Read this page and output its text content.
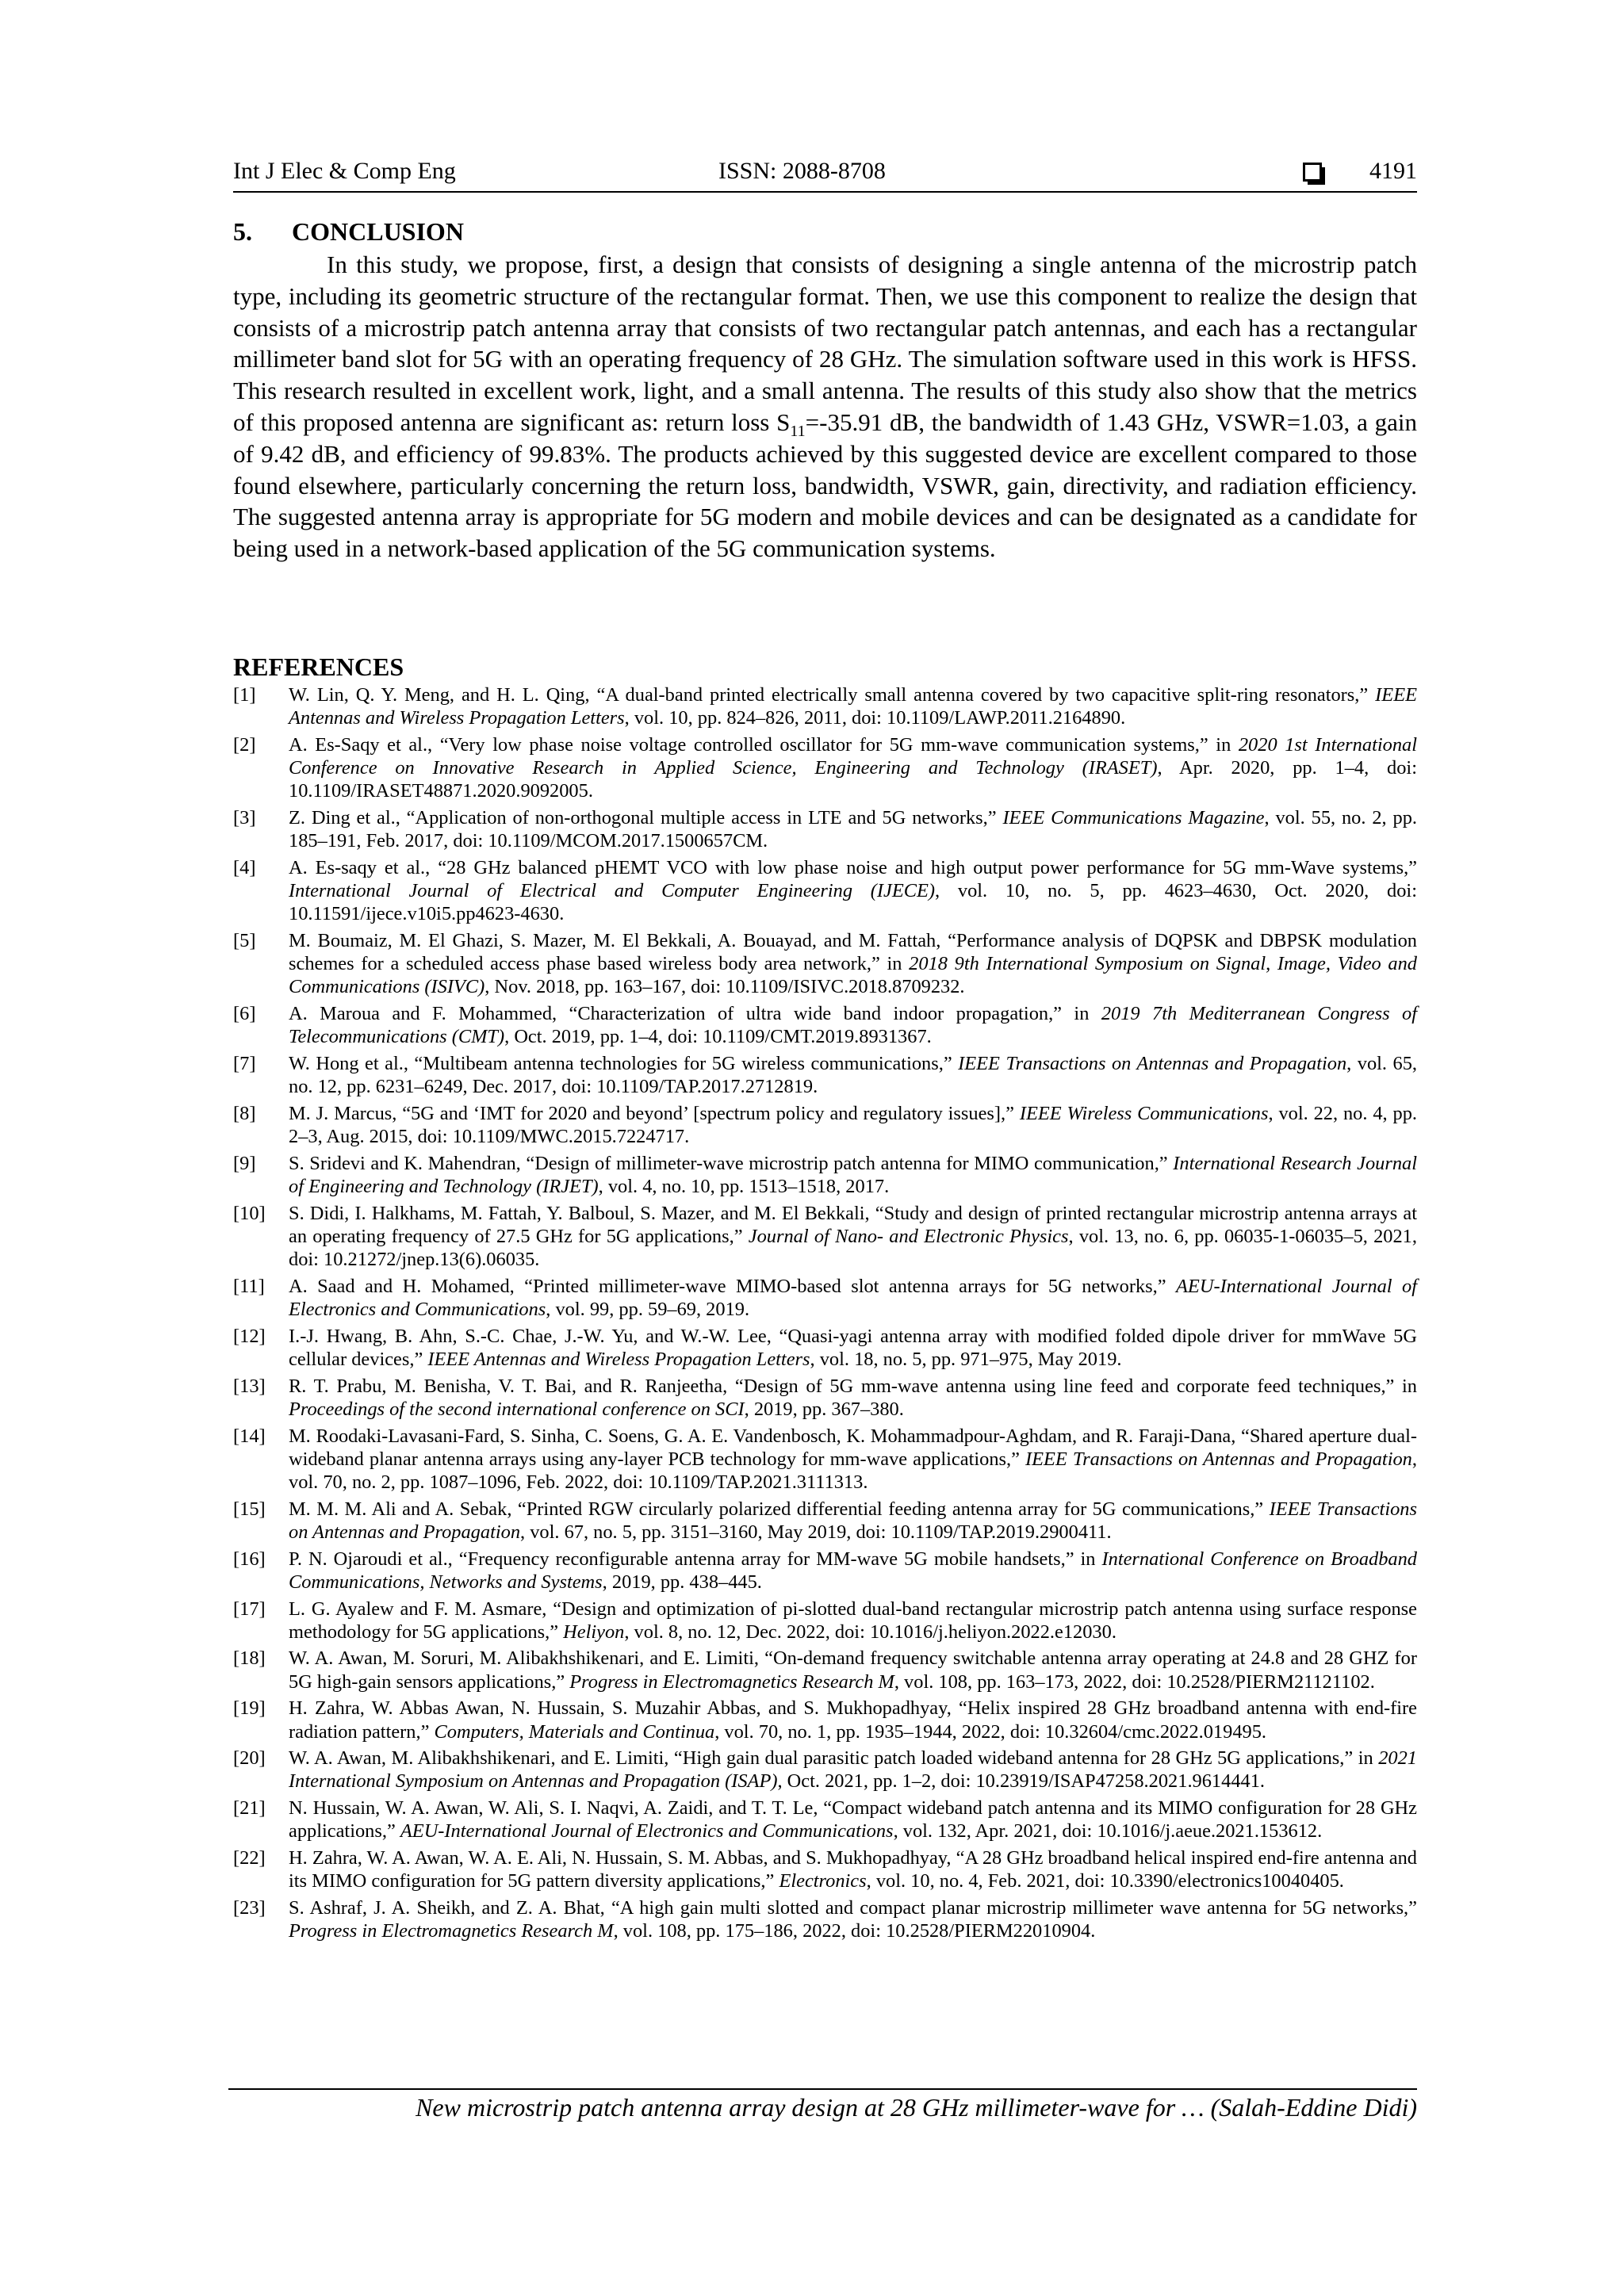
Int J Elec & Comp Eng	ISSN: 2088-8708	4191

5. CONCLUSION

In this study, we propose, first, a design that consists of designing a single antenna of the microstrip patch type, including its geometric structure of the rectangular format. Then, we use this component to realize the design that consists of a microstrip patch antenna array that consists of two rectangular patch antennas, and each has a rectangular millimeter band slot for 5G with an operating frequency of 28 GHz. The simulation software used in this work is HFSS. This research resulted in excellent work, light, and a small antenna. The results of this study also show that the metrics of this proposed antenna are significant as: return loss $S_{11}=-35.91$ dB, the bandwidth of 1.43 GHz, VSWR=1.03, a gain of 9.42 dB, and efficiency of 99.83%. The products achieved by this suggested device are excellent compared to those found elsewhere, particularly concerning the return loss, bandwidth, VSWR, gain, directivity, and radiation efficiency. The suggested antenna array is appropriate for 5G modern and mobile devices and can be designated as a candidate for being used in a network-based application of the 5G communication systems.

REFERENCES

[1] W. Lin, Q. Y. Meng, and H. L. Qing, “A dual-band printed electrically small antenna covered by two capacitive split-ring resonators,” IEEE Antennas and Wireless Propagation Letters, vol. 10, pp. 824–826, 2011, doi: 10.1109/LAWP.2011.2164890.

[2] A. Es-Saqy et al., “Very low phase noise voltage controlled oscillator for 5G mm-wave communication systems,” in 2020 1st International Conference on Innovative Research in Applied Science, Engineering and Technology (IRASET), Apr. 2020, pp. 1–4, doi: 10.1109/IRASET48871.2020.9092005.

[3] Z. Ding et al., “Application of non-orthogonal multiple access in LTE and 5G networks,” IEEE Communications Magazine, vol. 55, no. 2, pp. 185–191, Feb. 2017, doi: 10.1109/MCOM.2017.1500657CM.

[4] A. Es-saqy et al., “28 GHz balanced pHEMT VCO with low phase noise and high output power performance for 5G mm-Wave systems,” International Journal of Electrical and Computer Engineering (IJECE), vol. 10, no. 5, pp. 4623–4630, Oct. 2020, doi: 10.11591/ijece.v10i5.pp4623-4630.

[5] M. Boumaiz, M. El Ghazi, S. Mazer, M. El Bekkali, A. Bouayad, and M. Fattah, “Performance analysis of DQPSK and DBPSK modulation schemes for a scheduled access phase based wireless body area network,” in 2018 9th International Symposium on Signal, Image, Video and Communications (ISIVC), Nov. 2018, pp. 163–167, doi: 10.1109/ISIVC.2018.8709232.

[6] A. Maroua and F. Mohammed, “Characterization of ultra wide band indoor propagation,” in 2019 7th Mediterranean Congress of Telecommunications (CMT), Oct. 2019, pp. 1–4, doi: 10.1109/CMT.2019.8931367.

[7] W. Hong et al., “Multibeam antenna technologies for 5G wireless communications,” IEEE Transactions on Antennas and Propagation, vol. 65, no. 12, pp. 6231–6249, Dec. 2017, doi: 10.1109/TAP.2017.2712819.

[8] M. J. Marcus, “5G and ‘IMT for 2020 and beyond’ [spectrum policy and regulatory issues],” IEEE Wireless Communications, vol. 22, no. 4, pp. 2–3, Aug. 2015, doi: 10.1109/MWC.2015.7224717.

[9] S. Sridevi and K. Mahendran, “Design of millimeter-wave microstrip patch antenna for MIMO communication,” International Research Journal of Engineering and Technology (IRJET), vol. 4, no. 10, pp. 1513–1518, 2017.

[10] S. Didi, I. Halkhams, M. Fattah, Y. Balboul, S. Mazer, and M. El Bekkali, “Study and design of printed rectangular microstrip antenna arrays at an operating frequency of 27.5 GHz for 5G applications,” Journal of Nano- and Electronic Physics, vol. 13, no. 6, pp. 06035-1-06035–5, 2021, doi: 10.21272/jnep.13(6).06035.

[11] A. Saad and H. Mohamed, “Printed millimeter-wave MIMO-based slot antenna arrays for 5G networks,” AEU-International Journal of Electronics and Communications, vol. 99, pp. 59–69, 2019.

[12] I.-J. Hwang, B. Ahn, S.-C. Chae, J.-W. Yu, and W.-W. Lee, “Quasi-yagi antenna array with modified folded dipole driver for mmWave 5G cellular devices,” IEEE Antennas and Wireless Propagation Letters, vol. 18, no. 5, pp. 971–975, May 2019.

[13] R. T. Prabu, M. Benisha, V. T. Bai, and R. Ranjeetha, “Design of 5G mm-wave antenna using line feed and corporate feed techniques,” in Proceedings of the second international conference on SCI, 2019, pp. 367–380.

[14] M. Roodaki-Lavasani-Fard, S. Sinha, C. Soens, G. A. E. Vandenbosch, K. Mohammadpour-Aghdam, and R. Faraji-Dana, “Shared aperture dual-wideband planar antenna arrays using any-layer PCB technology for mm-wave applications,” IEEE Transactions on Antennas and Propagation, vol. 70, no. 2, pp. 1087–1096, Feb. 2022, doi: 10.1109/TAP.2021.3111313.

[15] M. M. M. Ali and A. Sebak, “Printed RGW circularly polarized differential feeding antenna array for 5G communications,” IEEE Transactions on Antennas and Propagation, vol. 67, no. 5, pp. 3151–3160, May 2019, doi: 10.1109/TAP.2019.2900411.

[16] P. N. Ojaroudi et al., “Frequency reconfigurable antenna array for MM-wave 5G mobile handsets,” in International Conference on Broadband Communications, Networks and Systems, 2019, pp. 438–445.

[17] L. G. Ayalew and F. M. Asmare, “Design and optimization of pi-slotted dual-band rectangular microstrip patch antenna using surface response methodology for 5G applications,” Heliyon, vol. 8, no. 12, Dec. 2022, doi: 10.1016/j.heliyon.2022.e12030.

[18] W. A. Awan, M. Soruri, M. Alibakhshikenari, and E. Limiti, “On-demand frequency switchable antenna array operating at 24.8 and 28 GHZ for 5G high-gain sensors applications,” Progress in Electromagnetics Research M, vol. 108, pp. 163–173, 2022, doi: 10.2528/PIERM21121102.

[19] H. Zahra, W. Abbas Awan, N. Hussain, S. Muzahir Abbas, and S. Mukhopadhyay, “Helix inspired 28 GHz broadband antenna with end-fire radiation pattern,” Computers, Materials and Continua, vol. 70, no. 1, pp. 1935–1944, 2022, doi: 10.32604/cmc.2022.019495.

[20] W. A. Awan, M. Alibakhshikenari, and E. Limiti, “High gain dual parasitic patch loaded wideband antenna for 28 GHz 5G applications,” in 2021 International Symposium on Antennas and Propagation (ISAP), Oct. 2021, pp. 1–2, doi: 10.23919/ISAP47258.2021.9614441.

[21] N. Hussain, W. A. Awan, W. Ali, S. I. Naqvi, A. Zaidi, and T. T. Le, “Compact wideband patch antenna and its MIMO configuration for 28 GHz applications,” AEU-International Journal of Electronics and Communications, vol. 132, Apr. 2021, doi: 10.1016/j.aeue.2021.153612.

[22] H. Zahra, W. A. Awan, W. A. E. Ali, N. Hussain, S. M. Abbas, and S. Mukhopadhyay, “A 28 GHz broadband helical inspired end-fire antenna and its MIMO configuration for 5G pattern diversity applications,” Electronics, vol. 10, no. 4, Feb. 2021, doi: 10.3390/electronics10040405.

[23] S. Ashraf, J. A. Sheikh, and Z. A. Bhat, “A high gain multi slotted and compact planar microstrip millimeter wave antenna for 5G networks,” Progress in Electromagnetics Research M, vol. 108, pp. 175–186, 2022, doi: 10.2528/PIERM22010904.

New microstrip patch antenna array design at 28 GHz millimeter-wave for … (Salah-Eddine Didi)
